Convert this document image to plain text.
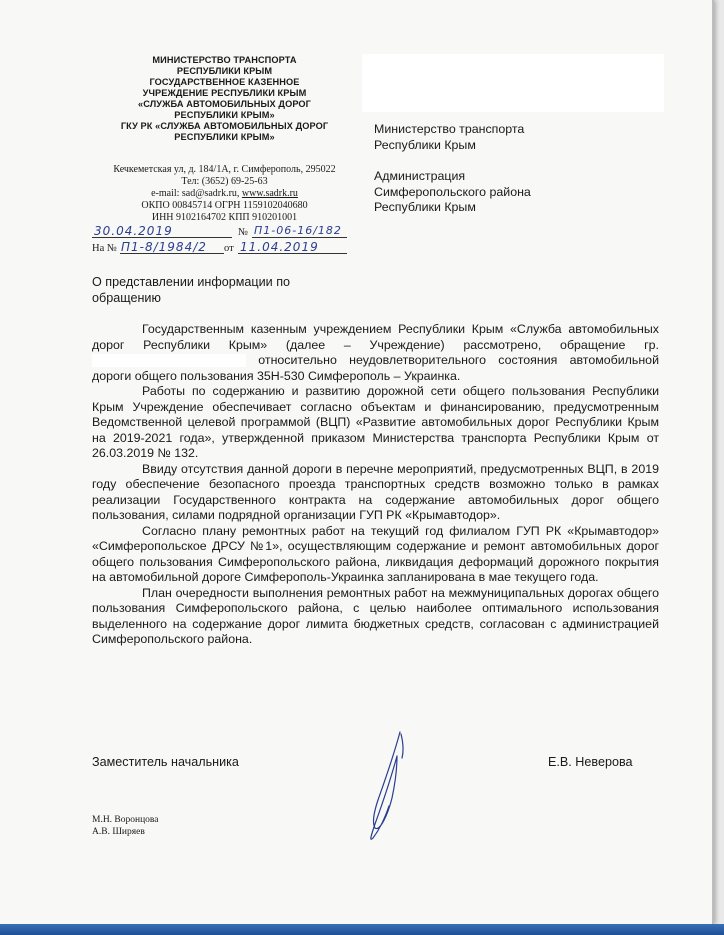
МИНИСТЕРСТВО ТРАНСПОРТА
РЕСПУБЛИКИ КРЫМ
ГОСУДАРСТВЕННОЕ КАЗЕННОЕ
УЧРЕЖДЕНИЕ РЕСПУБЛИКИ КРЫМ
«СЛУЖБА АВТОМОБИЛЬНЫХ ДОРОГ
РЕСПУБЛИКИ КРЫМ»
ГКУ РК «СЛУЖБА АВТОМОБИЛЬНЫХ ДОРОГ
РЕСПУБЛИКИ КРЫМ»
Кечкеметская ул, д. 184/1А, г. Симферополь, 295022
Тел: (3652) 69-25-63
e-mail: sad@sadrk.ru, www.sadrk.ru
ОКПО 00845714 ОГРН 1159102040680
ИНН 9102164702 КПП 910201001
Министерство транспорта
Республики Крым
Администрация
Симферопольского района
Республики Крым
30.04.2019	№ П1-06-16/182
На № П1-8/1984/2 от 11.04.2019
О представлении информации по
обращению

Государственным казенным учреждением Республики Крым «Служба автомобильных дорог Республики Крым» (далее – Учреждение) рассмотрено, обращение гр.  относительно неудовлетворительного состояния автомобильной дороги общего пользования 35Н-530 Симферополь – Украинка.

Работы по содержанию и развитию дорожной сети общего пользования Республики Крым Учреждение обеспечивает согласно объектам и финансированию, предусмотренным Ведомственной целевой программой (ВЦП) «Развитие автомобильных дорог Республики Крым на 2019-2021 года», утвержденной приказом Министерства транспорта Республики Крым от 26.03.2019 № 132.

Ввиду отсутствия данной дороги в перечне мероприятий, предусмотренных ВЦП, в 2019 году обеспечение безопасного проезда транспортных средств возможно только в рамках реализации Государственного контракта на содержание автомобильных дорог общего пользования, силами подрядной организации ГУП РК «Крымавтодор».

Согласно плану ремонтных работ на текущий год филиалом ГУП РК «Крымавтодор» «Симферопольское ДРСУ №1», осуществляющим содержание и ремонт автомобильных дорог общего пользования Симферопольского района, ликвидация деформаций дорожного покрытия на автомобильной дороге Симферополь-Украинка запланирована в мае текущего года.

План очередности выполнения ремонтных работ на межмуниципальных дорогах общего пользования Симферопольского района, с целью наиболее оптимального использования выделенного на содержание дорог лимита бюджетных средств, согласован с администрацией Симферопольского района.

Заместитель начальника	Е.В. Неверова
М.Н. Воронцова
А.В. Ширяев
